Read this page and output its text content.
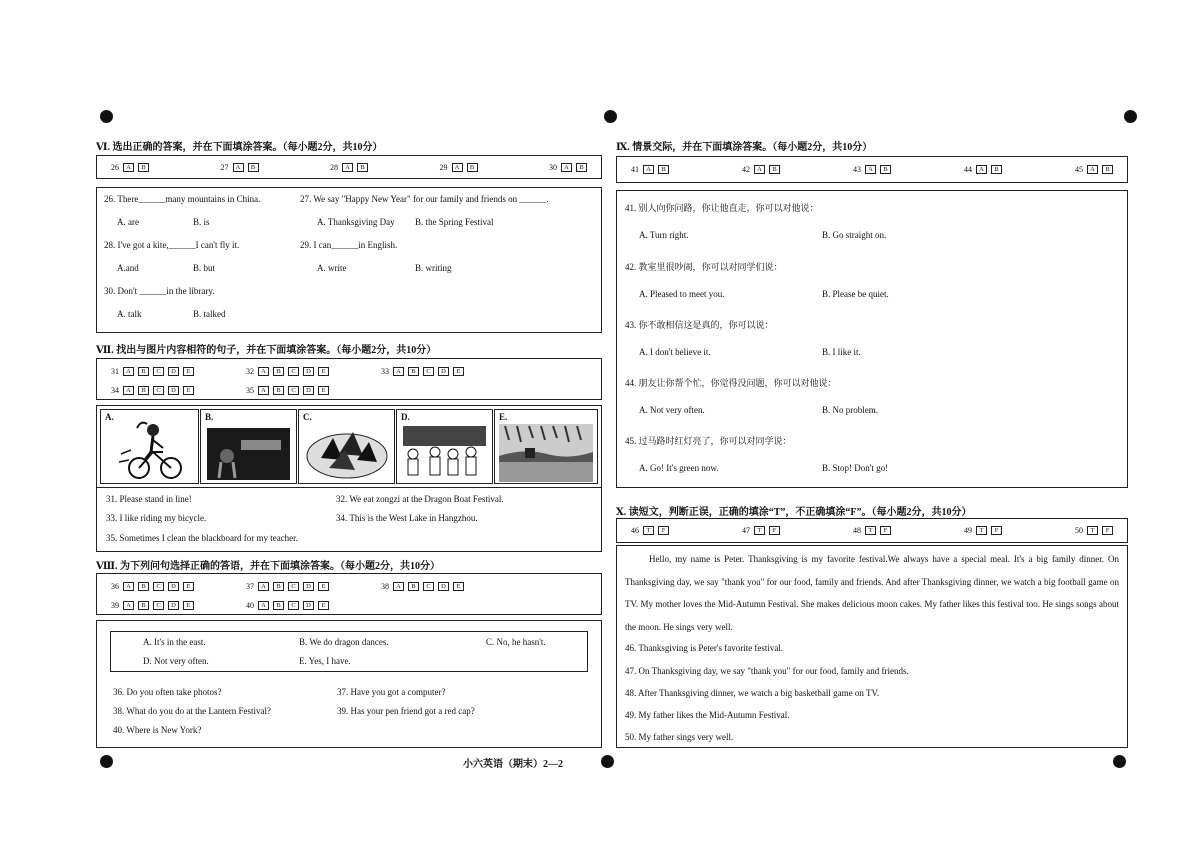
Ⅵ. 选出正确的答案，并在下面填涂答案。（每小题2分，共10分）
26	A	B	27	A	B	28	A	B	29	A	B	30	A	B
26. There______many mountains in China.	27. We say "Happy New Year" for our family and friends on ______.
A. are	B. is	A. Thanksgiving Day B. the Spring Festival
28. I've got a kite,______I can't fly it.	29. I can______in English.
A.and	B. but	A. write	B. writing
30. Don't ______in the library.
A. talk	B. talked
Ⅶ. 找出与图片内容相符的句子，并在下面填涂答案。（每小题2分，共10分）
31	A	B	C	D	E	32	A	B	C	D	E	33	A	B	C	D	E
34	A	B	C	D	E	35	A	B	C	D	E
A.	B.	C.	D.	E.
31. Please stand in line!	32. We eat zongzi at the Dragon Boat Festival.
33. I like riding my bicycle.	34. This is the West Lake in Hangzhou.
35. Sometimes I clean the blackboard for my teacher.
Ⅷ. 为下列问句选择正确的答语，并在下面填涂答案。（每小题2分，共10分）
36	A	B	C	D	E	37	A	B	C	D	E	38	A	B	C	D	E
39	A	B	C	D	E	40	A	B	C	D	E
A. It's in the east.	B. We do dragon dances.	C. No, he hasn't.
D. Not very often.	E. Yes, I have.
36. Do you often take photos?	37. Have you got a computer?
38. What do you do at the Lantern Festival?	39. Has your pen friend got a red cap?
40. Where is New York?
Ⅸ. 情景交际，并在下面填涂答案。（每小题2分，共10分）
41	A	B	42	A	B	43	A	B	44	A	B	45	A	B
41. 别人向你问路，你让他直走，你可以对他说：
A. Turn right.	B. Go straight on.
42. 教室里很吵闹，你可以对同学们说：
A. Pleased to meet you.	B. Please be quiet.
43. 你不敢相信这是真的，你可以说：
A. I don't believe it.	B. I like it.
44. 朋友让你帮个忙，你觉得没问题，你可以对他说：
A. Not very often.	B. No problem.
45. 过马路时红灯亮了，你可以对同学说：
A. Go! It's green now.	B. Stop! Don't go!
Ⅹ. 读短文，判断正误，正确的填涂“T”，不正确填涂“F”。（每小题2分，共10分）
46	T	F	47	T	F	48	T	F	49	T	F	50	T	F
Hello, my name is Peter. Thanksgiving is my favorite festival.We always have a special meal. It's a big family dinner. On Thanksgiving day, we say "thank you" for our food, family and friends. And after Thanksgiving dinner, we watch a big football game on TV. My mother loves the Mid-Autumn Festival. She makes delicious moon cakes. My father likes this festival too. He sings songs about the moon. He sings very well.
46. Thanksgiving is Peter's favorite festival.
47. On Thanksgiving day, we say "thank you" for our food, family and friends.
48. After Thanksgiving dinner, we watch a big basketball game on TV.
49. My father likes the Mid-Autumn Festival.
50. My father sings very well.
小六英语（期末）2—2
